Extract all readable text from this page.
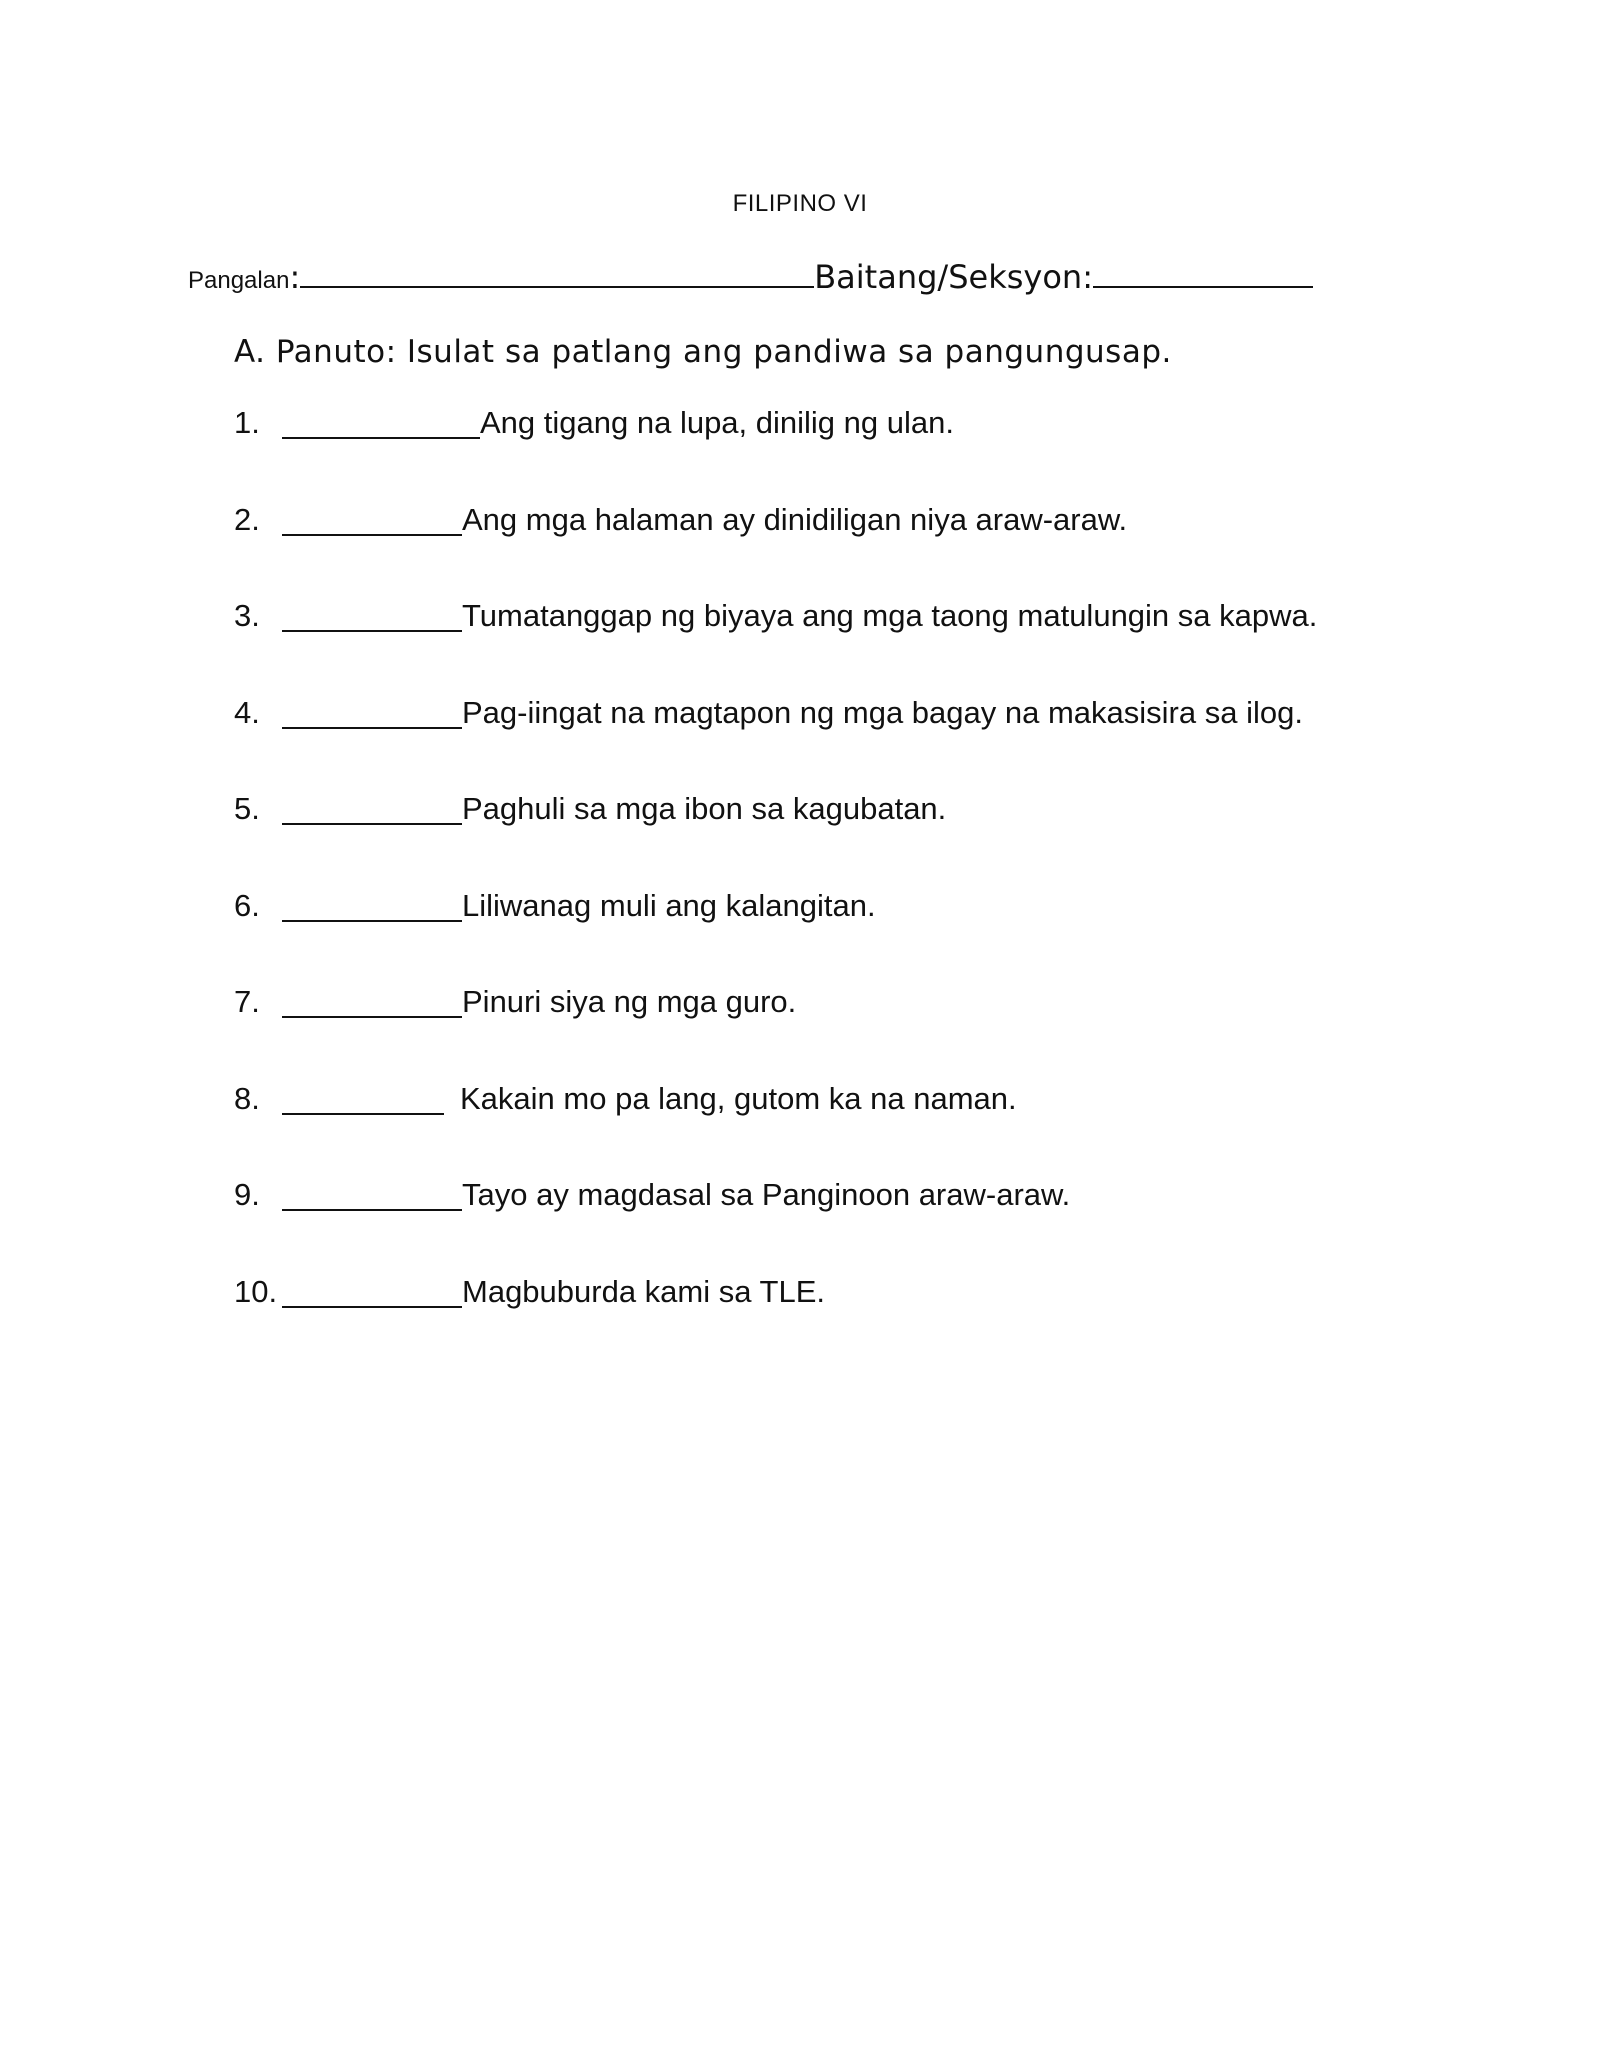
FILIPINO VI
Pangalan:	Baitang/Seksyon:
A. Panuto: Isulat sa patlang ang pandiwa sa pangungusap.
1.	Ang tigang na lupa, dinilig ng ulan.
2.	Ang mga halaman ay dinidiligan niya araw-araw.
3.	Tumatanggap ng biyaya ang mga taong matulungin sa kapwa.
4.	Pag-iingat na magtapon ng mga bagay na makasisira sa ilog.
5.	Paghuli sa mga ibon sa kagubatan.
6.	Liliwanag muli ang kalangitan.
7.	Pinuri siya ng mga guro.
8.	Kakain mo pa lang, gutom ka na naman.
9.	Tayo ay magdasal sa Panginoon araw-araw.
10.	Magbuburda kami sa TLE.
